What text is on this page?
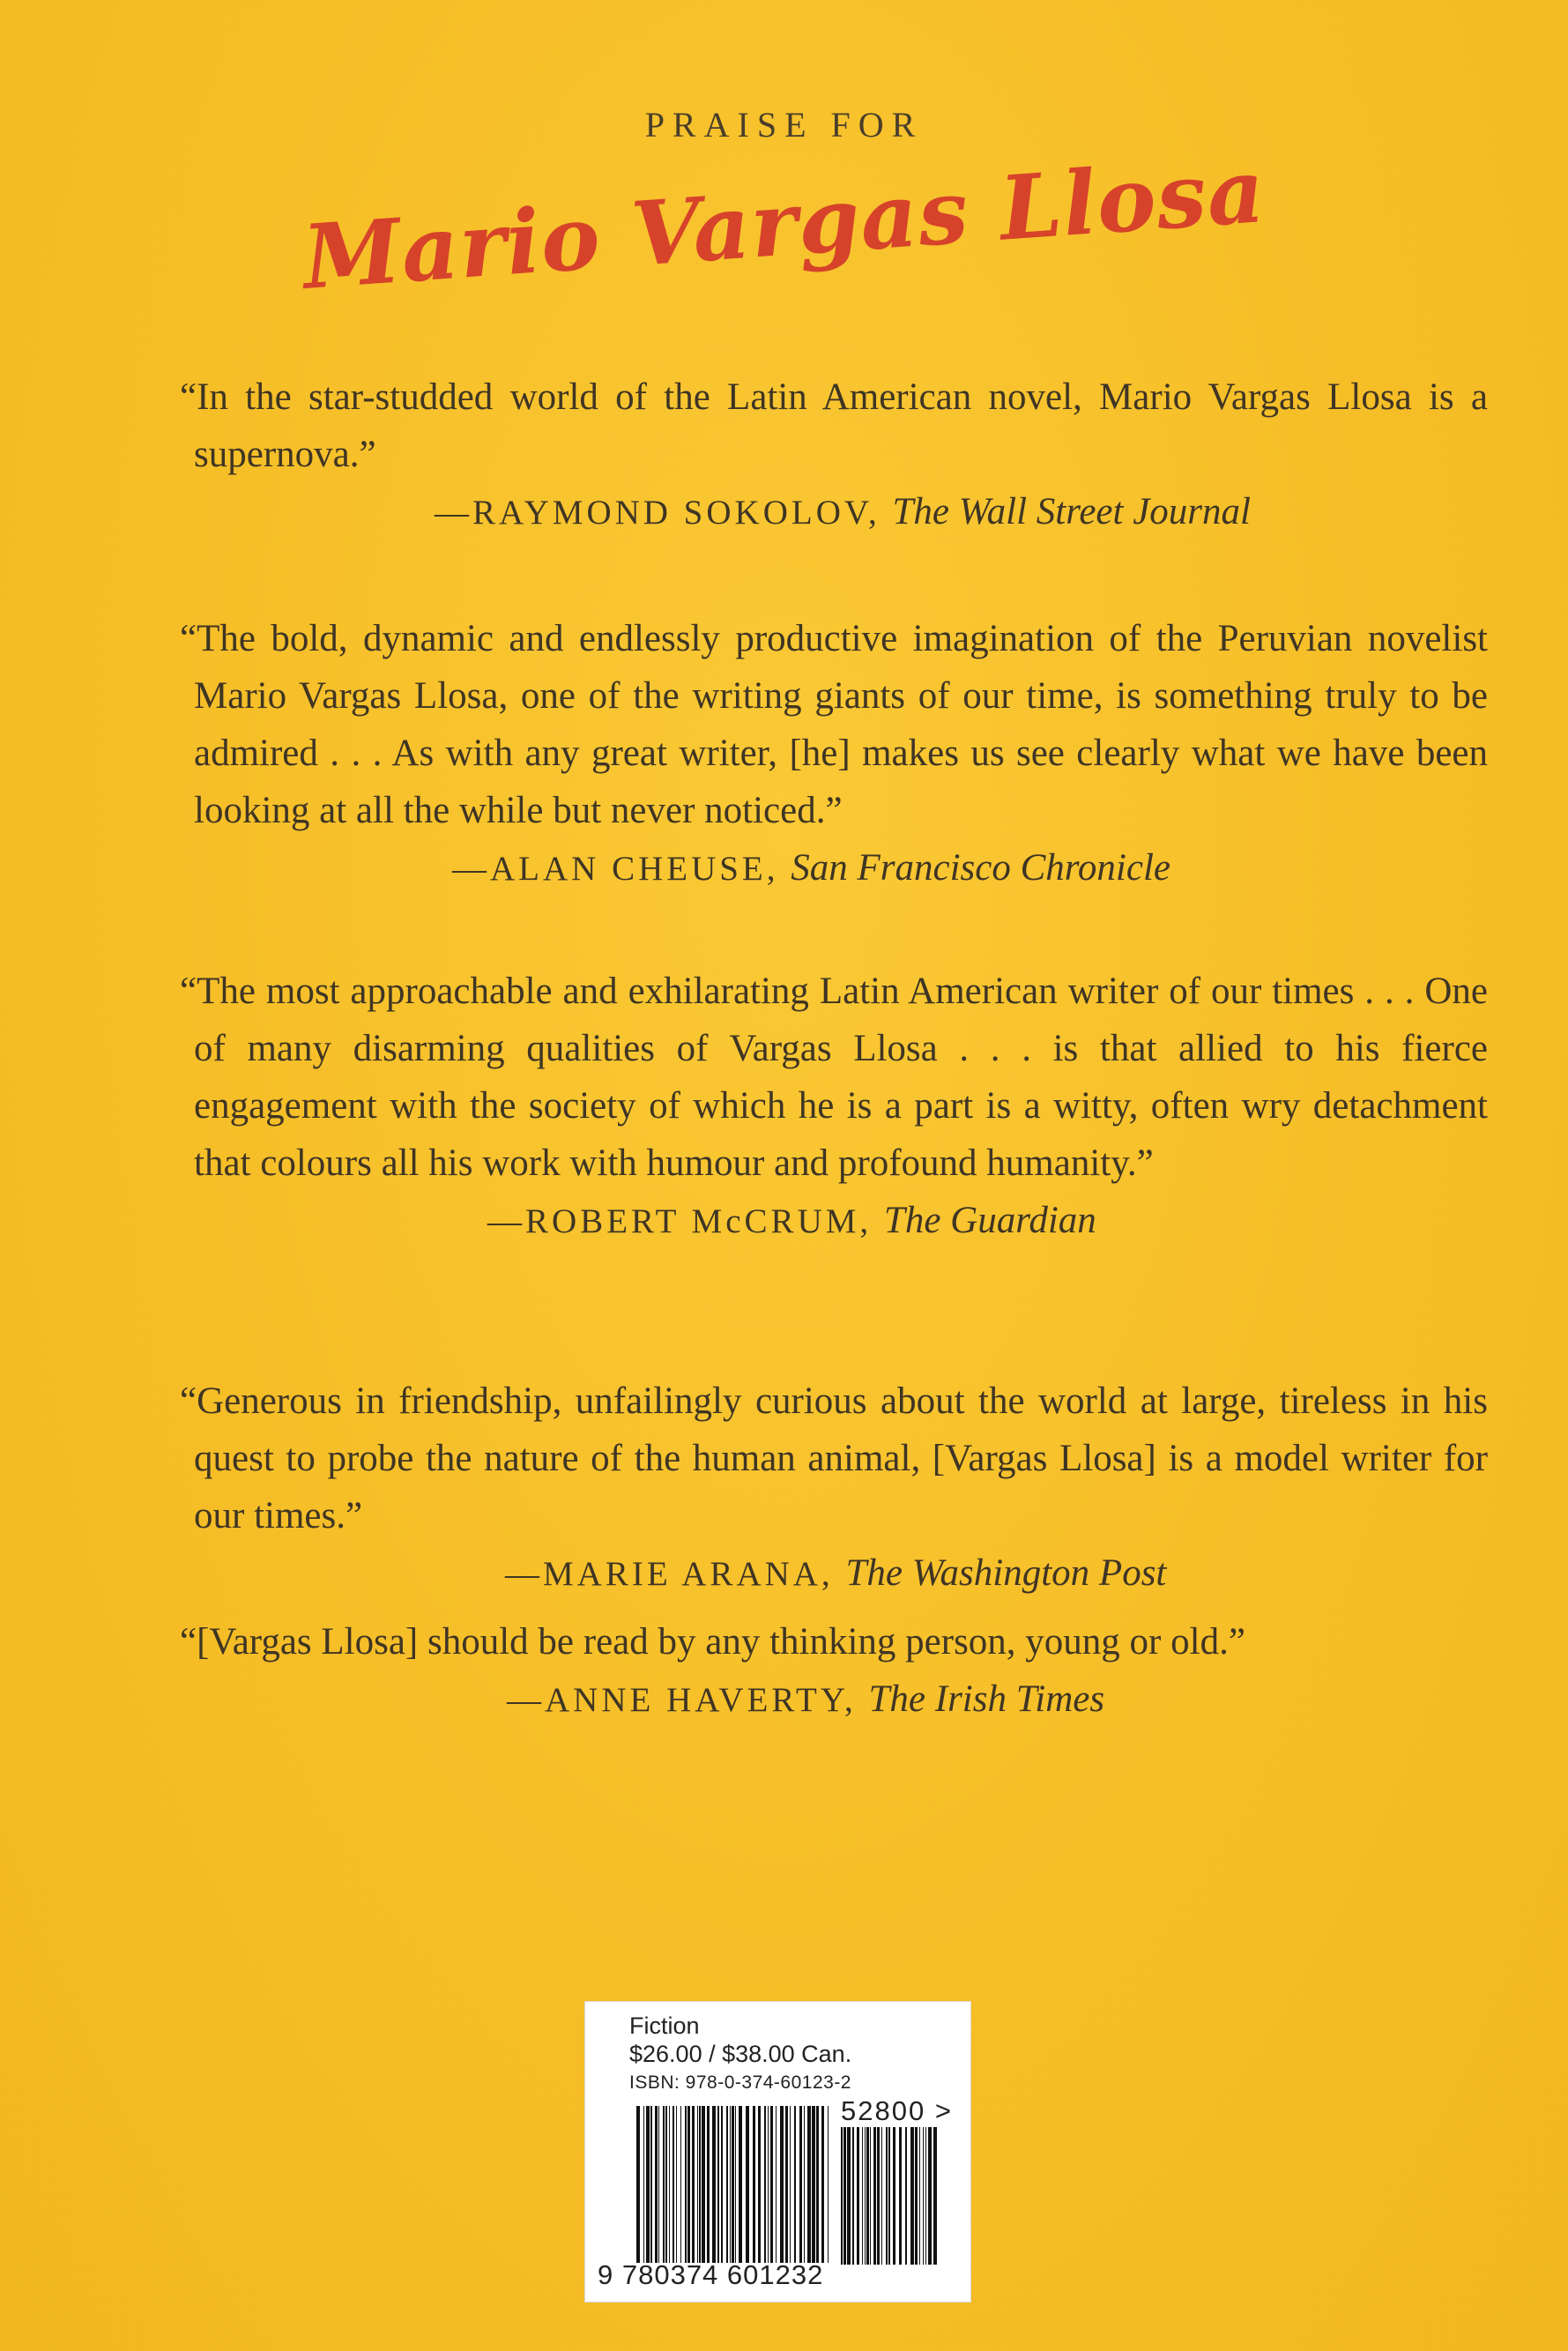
PRAISE FOR
Mario Vargas Llosa

“In the star-studded world of the Latin American novel, Mario Vargas Llosa is a supernova.”

—RAYMOND SOKOLOV, The Wall Street Journal

“The bold, dynamic and endlessly productive imagination of the Peruvian novelist Mario Vargas Llosa, one of the writing giants of our time, is something truly to be admired . . . As with any great writer, [he] makes us see clearly what we have been looking at all the while but never noticed.”

—ALAN CHEUSE, San Francisco Chronicle

“The most approachable and exhilarating Latin American writer of our times . . . One of many disarming qualities of Vargas Llosa . . . is that allied to his fierce engagement with the society of which he is a part is a witty, often wry detachment that colours all his work with humour and profound humanity.”

—ROBERT McCRUM, The Guardian

“Generous in friendship, unfailingly curious about the world at large, tireless in his quest to probe the nature of the human animal, [Vargas Llosa] is a model writer for our times.”

—MARIE ARANA, The Washington Post

“[Vargas Llosa] should be read by any thinking person, young or old.”

—ANNE HAVERTY, The Irish Times
Fiction
$26.00 / $38.00 Can.
ISBN: 978-0-374-60123-2
52800 >
9 780374 601232
